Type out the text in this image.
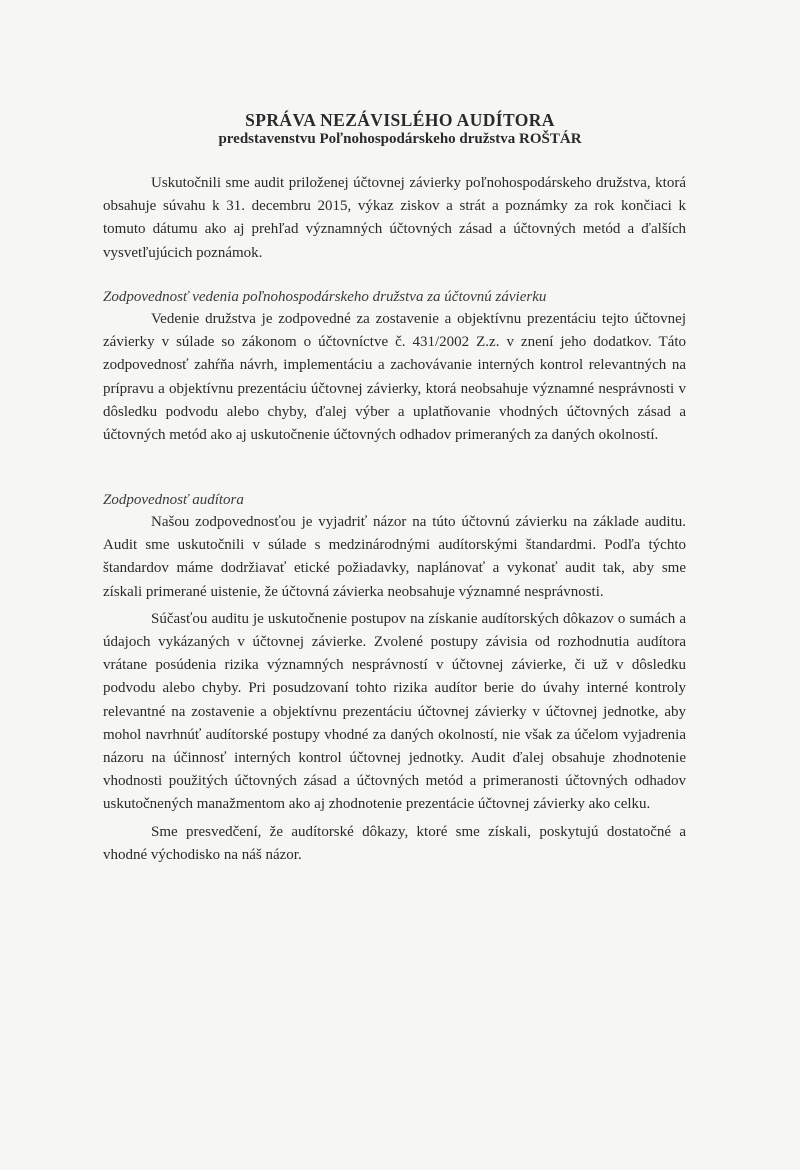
SPRÁVA NEZÁVISLÉHO AUDÍTORA
predstavenstvu Poľnohospodárskeho družstva ROŠTÁR

Uskutočnili sme audit priloženej účtovnej závierky poľnohospodárskeho družstva, ktorá obsahuje súvahu k 31. decembru 2015, výkaz ziskov a strát a poznámky za rok končiaci k tomuto dátumu ako aj prehľad významných účtovných zásad a účtovných metód a ďalších vysvetľujúcich poznámok.

Zodpovednosť vedenia poľnohospodárskeho družstva za účtovnú závierku

Vedenie družstva je zodpovedné za zostavenie a objektívnu prezentáciu tejto účtovnej závierky v súlade so zákonom o účtovníctve č. 431/2002 Z.z. v znení jeho dodatkov. Táto zodpovednosť zahŕňa návrh, implementáciu a zachovávanie interných kontrol relevantných na prípravu a objektívnu prezentáciu účtovnej závierky, ktorá neobsahuje významné nesprávnosti v dôsledku podvodu alebo chyby, ďalej výber a uplatňovanie vhodných účtovných zásad a účtovných metód ako aj uskutočnenie účtovných odhadov primeraných za daných okolností.

Zodpovednosť audítora

Našou zodpovednosťou je vyjadriť názor na túto účtovnú závierku na základe auditu. Audit sme uskutočnili v súlade s medzinárodnými audítorskými štandardmi. Podľa týchto štandardov máme dodržiavať etické požiadavky, naplánovať a vykonať audit tak, aby sme získali primerané uistenie, že účtovná závierka neobsahuje významné nesprávnosti.

Súčasťou auditu je uskutočnenie postupov na získanie audítorských dôkazov o sumách a údajoch vykázaných v účtovnej závierke. Zvolené postupy závisia od rozhodnutia audítora vrátane posúdenia rizika významných nesprávností v účtovnej závierke, či už v dôsledku podvodu alebo chyby. Pri posudzovaní tohto rizika audítor berie do úvahy interné kontroly relevantné na zostavenie a objektívnu prezentáciu účtovnej závierky v účtovnej jednotke, aby mohol navrhnúť audítorské postupy vhodné za daných okolností, nie však za účelom vyjadrenia názoru na účinnosť interných kontrol účtovnej jednotky. Audit ďalej obsahuje zhodnotenie vhodnosti použitých účtovných zásad a účtovných metód a primeranosti účtovných odhadov uskutočnených manažmentom ako aj zhodnotenie prezentácie účtovnej závierky ako celku.

Sme presvedčení, že audítorské dôkazy, ktoré sme získali, poskytujú dostatočné a vhodné východisko na náš názor.
